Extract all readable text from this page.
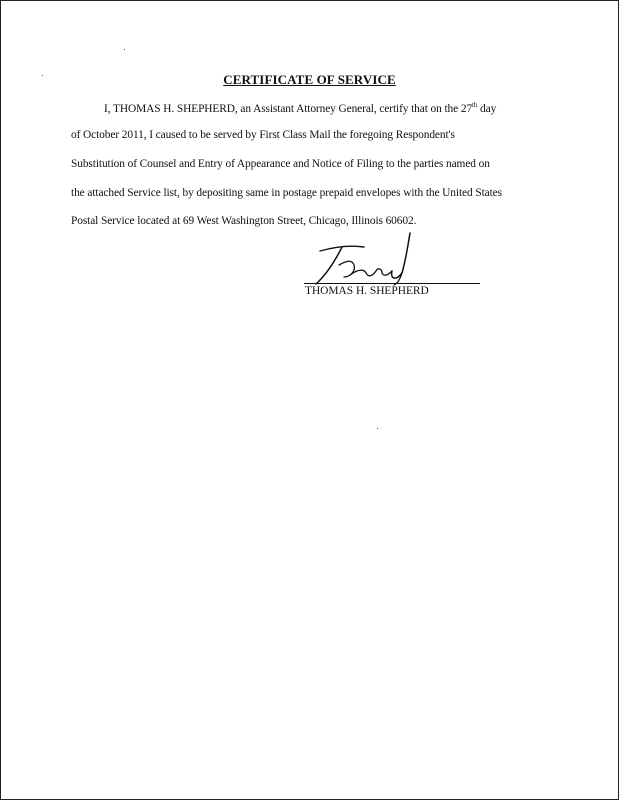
CERTIFICATE OF SERVICE
I, THOMAS H. SHEPHERD, an Assistant Attorney General, certify that on the 27th day
of October 2011, I caused to be served by First Class Mail the foregoing Respondent's
Substitution of Counsel and Entry of Appearance and Notice of Filing to the parties named on
the attached Service list, by depositing same in postage prepaid envelopes with the United States
Postal Service located at 69 West Washington Street, Chicago, Illinois 60602.
THOMAS H. SHEPHERD
